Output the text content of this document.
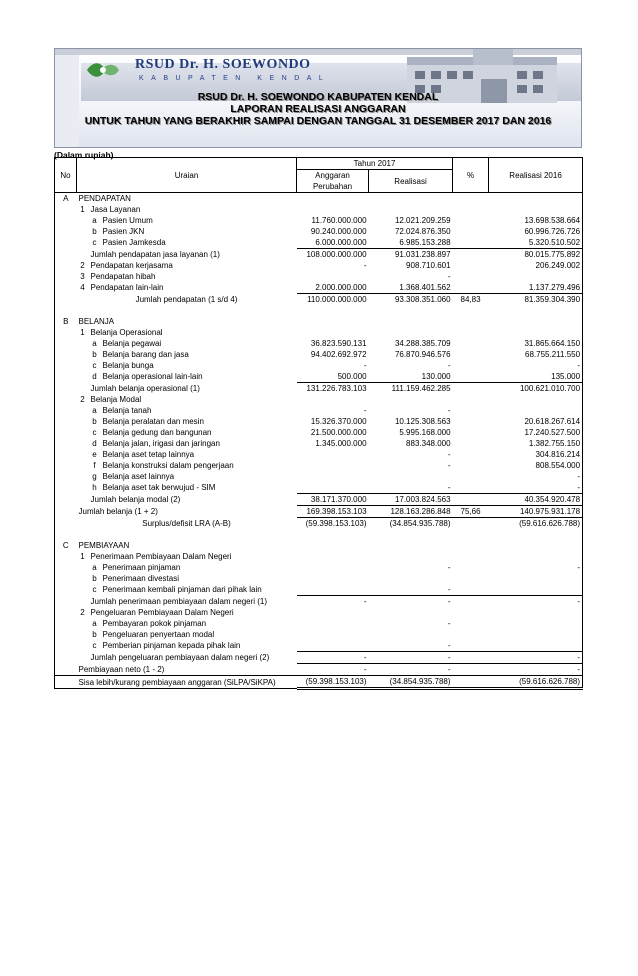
RSUD Dr. H. SOEWONDO
KABUPATEN KENDAL
RSUD Dr. H. SOEWONDO KABUPATEN KENDAL
LAPORAN REALISASI ANGGARAN
UNTUK TAHUN YANG BERAKHIR SAMPAI DENGAN TANGGAL 31 DESEMBER 2017 DAN 2016
(Dalam rupiah)
No	Uraian			Tahun 2017		%	Realisasi 2016
				Anggaran	Realisasi		
				Perubahan			
A	PENDAPATAN						
	1	Jasa Layanan					
		a	Pasien Umum	11.760.000.000	12.021.209.259		13.698.538.664
		b	Pasien JKN	90.240.000.000	72.024.876.350		60.996.726.726
		c	Pasien Jamkesda	6.000.000.000	6.985.153.288		5.320.510.502
		Jumlah pendapatan jasa layanan (1)		108.000.000.000	91.031.238.897		80.015.775.892
	2	Pendapatan kerjasama		-	908.710.601		206.249.002
	3	Pendapatan hibah			-		
	4	Pendapatan lain-lain		2.000.000.000	1.368.401.562		1.137.279.496
	Jumlah pendapatan (1 s/d 4)			110.000.000.000	93.308.351.060	84,83	81.359.304.390

B	BELANJA						
	1	Belanja Operasional					
		a	Belanja pegawai	36.823.590.131	34.288.385.709		31.865.664.150
		b	Belanja barang dan jasa	94.402.692.972	76.870.946.576		68.755.211.550
		c	Belanja bunga	-	-		-
		d	Belanja operasional lain-lain	500.000	130.000		135.000
		Jumlah belanja operasional (1)		131.226.783.103	111.159.462.285		100.621.010.700
	2	Belanja Modal					
		a	Belanja tanah	-	-		
		b	Belanja peralatan dan mesin	15.326.370.000	10.125.308.563		20.618.267.614
		c	Belanja gedung dan bangunan	21.500.000.000	5.995.168.000		17.240.527.500
		d	Belanja jalan, irigasi dan jaringan	1.345.000.000	883.348.000		1.382.755.150
		e	Belanja aset tetap lainnya		-		304.816.214
		f	Belanja konstruksi dalam pengerjaan		-		808.554.000
		g	Belanja aset lainnya				-
		h	Belanja aset tak berwujud - SIM		-		-
		Jumlah belanja modal (2)		38.171.370.000	17.003.824.563		40.354.920.478
	Jumlah belanja (1 + 2)			169.398.153.103	128.163.286.848	75,66	140.975.931.178
	Surplus/defisit LRA (A-B)			(59.398.153.103)	(34.854.935.788)		(59.616.626.788)

C	PEMBIAYAAN						
	1	Penerimaan Pembiayaan Dalam Negeri					
		a	Penerimaan pinjaman		-		-
		b	Penerimaan divestasi				
		c	Penerimaan kembali pinjaman dari pihak lain		-		
		Jumlah penerimaan pembiayaan dalam negeri (1)		-	-		-
	2	Pengeluaran Pembiayaan Dalam Negeri					
		a	Pembayaran pokok pinjaman		-		
		b	Pengeluaran penyertaan modal				
		c	Pemberian pinjaman kepada pihak lain		-		
		Jumlah pengeluaran pembiayaan dalam negeri (2)		-	-		-
	Pembiayaan neto (1 - 2)			-	-		-
	Sisa lebih/kurang pembiayaan anggaran (SiLPA/SiKPA)			(59.398.153.103)	(34.854.935.788)		(59.616.626.788)
